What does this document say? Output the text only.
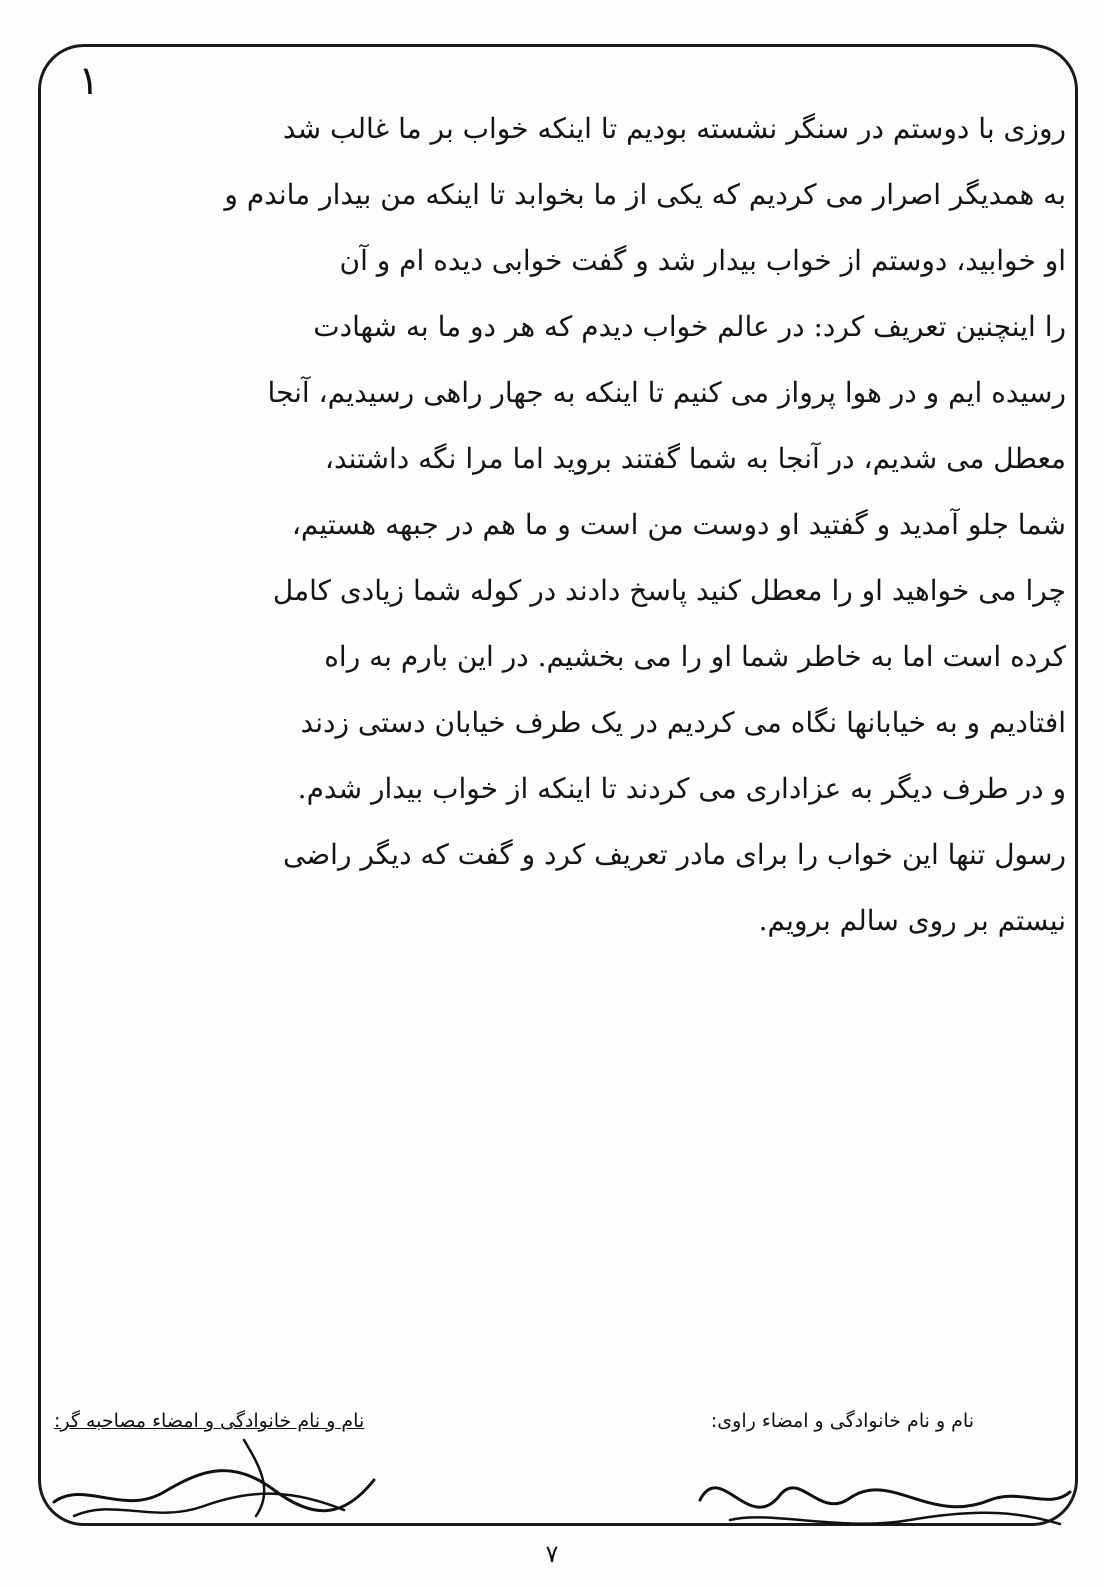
۱
روزی با دوستم در سنگر نشسته بودیم تا اینکه خواب بر ما غالب شد
به همدیگر اصرار می کردیم که یکی از ما بخوابد تا اینکه من بیدار ماندم و
او خوابید، دوستم از خواب بیدار شد و گفت خوابی دیده ام و آن
را اینچنین تعریف کرد: در عالم خواب دیدم که هر دو ما به شهادت
رسیده ایم و در هوا پرواز می کنیم تا اینکه به جهار راهی رسیدیم، آنجا
معطل می شدیم، در آنجا به شما گفتند بروید اما مرا نگه داشتند،
شما جلو آمدید و گفتید او دوست من است و ما هم در جبهه هستیم،
چرا می خواهید او را معطل کنید پاسخ دادند در کوله شما زیادی کامل
کرده است اما به خاطر شما او را می بخشیم. در این بارم به راه
افتادیم و به خیابانها نگاه می کردیم در یک طرف خیابان دستی زدند
و در طرف دیگر به عزاداری می کردند تا اینکه از خواب بیدار شدم.
رسول تنها این خواب را برای مادر تعریف کرد و گفت که دیگر راضی
نیستم بر روی سالم برویم.
نام و نام خانوادگی و امضاء راوی:
نام و نام خانوادگی و امضاء مصاحبه گر:
۷
